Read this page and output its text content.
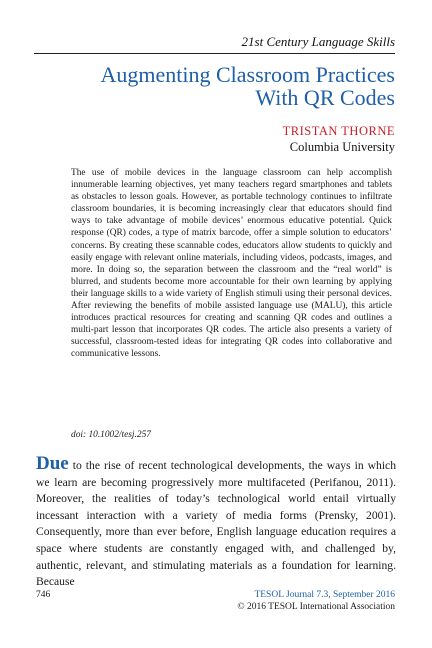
21st Century Language Skills
Augmenting Classroom Practices With QR Codes
TRISTAN THORNE
Columbia University

The use of mobile devices in the language classroom can help accomplish innumerable learning objectives, yet many teachers regard smartphones and tablets as obstacles to lesson goals. However, as portable technology continues to infiltrate classroom boundaries, it is becoming increasingly clear that educators should find ways to take advantage of mobile devices’ enormous educative potential. Quick response (QR) codes, a type of matrix barcode, offer a simple solution to educators’ concerns. By creating these scannable codes, educators allow students to quickly and easily engage with relevant online materials, including videos, podcasts, images, and more. In doing so, the separation between the classroom and the “real world” is blurred, and students become more accountable for their own learning by applying their language skills to a wide variety of English stimuli using their personal devices. After reviewing the benefits of mobile assisted language use (MALU), this article introduces practical resources for creating and scanning QR codes and outlines a multi-part lesson that incorporates QR codes. The article also presents a variety of successful, classroom-tested ideas for integrating QR codes into collaborative and communicative lessons.

doi: 10.1002/tesj.257

Due to the rise of recent technological developments, the ways in which we learn are becoming progressively more multifaceted (Perifanou, 2011). Moreover, the realities of today’s technological world entail virtually incessant interaction with a variety of media forms (Prensky, 2001). Consequently, more than ever before, English language education requires a space where students are constantly engaged with, and challenged by, authentic, relevant, and stimulating materials as a foundation for learning. Because

746	TESOL Journal 7.3, September 2016
© 2016 TESOL International Association
